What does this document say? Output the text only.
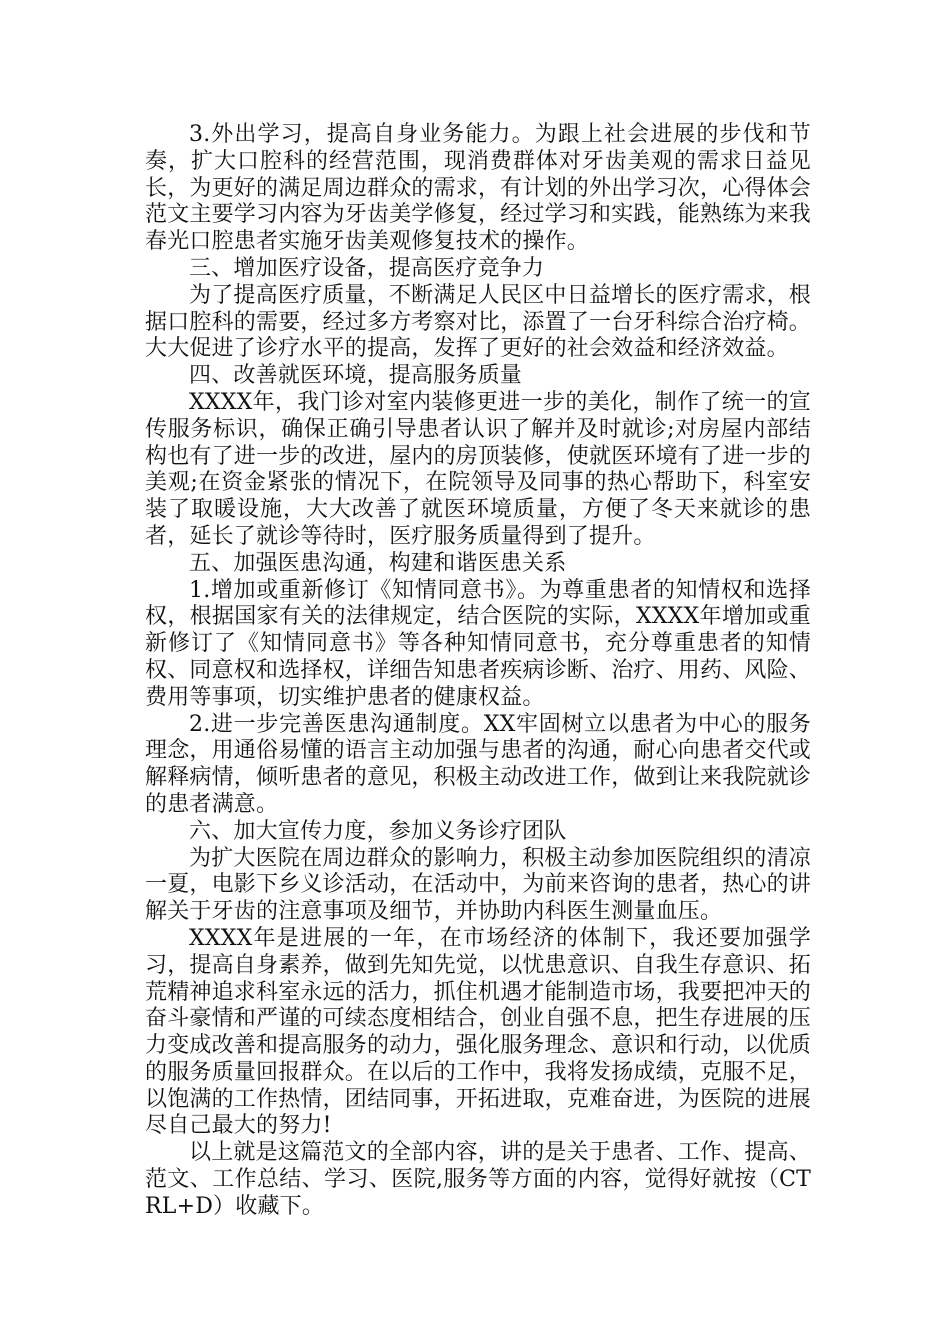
3.外出学习，提高自身业务能力。为跟上社会进展的步伐和节奏，扩大口腔科的经营范围，现消费群体对牙齿美观的需求日益见长，为更好的满足周边群众的需求，有计划的外出学习次，心得体会范文主要学习内容为牙齿美学修复，经过学习和实践，能熟练为来我春光口腔患者实施牙齿美观修复技术的操作。

三、增加医疗设备，提高医疗竞争力

为了提高医疗质量，不断满足人民区中日益增长的医疗需求，根据口腔科的需要，经过多方考察对比，添置了一台牙科综合治疗椅。大大促进了诊疗水平的提高，发挥了更好的社会效益和经济效益。

四、改善就医环境，提高服务质量

XXXX年，我门诊对室内装修更进一步的美化，制作了统一的宣传服务标识，确保正确引导患者认识了解并及时就诊;对房屋内部结构也有了进一步的改进，屋内的房顶装修，使就医环境有了进一步的美观;在资金紧张的情况下，在院领导及同事的热心帮助下，科室安装了取暖设施，大大改善了就医环境质量，方便了冬天来就诊的患者，延长了就诊等待时，医疗服务质量得到了提升。

五、加强医患沟通，构建和谐医患关系

1.增加或重新修订《知情同意书》。为尊重患者的知情权和选择权，根据国家有关的法律规定，结合医院的实际，XXXX年增加或重新修订了《知情同意书》等各种知情同意书，充分尊重患者的知情权、同意权和选择权，详细告知患者疾病诊断、治疗、用药、风险、费用等事项，切实维护患者的健康权益。

2.进一步完善医患沟通制度。XX牢固树立以患者为中心的服务理念，用通俗易懂的语言主动加强与患者的沟通，耐心向患者交代或解释病情，倾听患者的意见，积极主动改进工作，做到让来我院就诊的患者满意。

六、加大宣传力度，参加义务诊疗团队

为扩大医院在周边群众的影响力，积极主动参加医院组织的清凉一夏，电影下乡义诊活动，在活动中，为前来咨询的患者，热心的讲解关于牙齿的注意事项及细节，并协助内科医生测量血压。

XXXX年是进展的一年，在市场经济的体制下，我还要加强学习，提高自身素养，做到先知先觉，以忧患意识、自我生存意识、拓荒精神追求科室永远的活力，抓住机遇才能制造市场，我要把冲天的奋斗豪情和严谨的可续态度相结合，创业自强不息，把生存进展的压力变成改善和提高服务的动力，强化服务理念、意识和行动，以优质的服务质量回报群众。在以后的工作中，我将发扬成绩，克服不足，以饱满的工作热情，团结同事，开拓进取，克难奋进，为医院的进展尽自己最大的努力!

以上就是这篇范文的全部内容，讲的是关于患者、工作、提高、范文、工作总结、学习、医院,服务等方面的内容，觉得好就按（CTRL+D）收藏下。
